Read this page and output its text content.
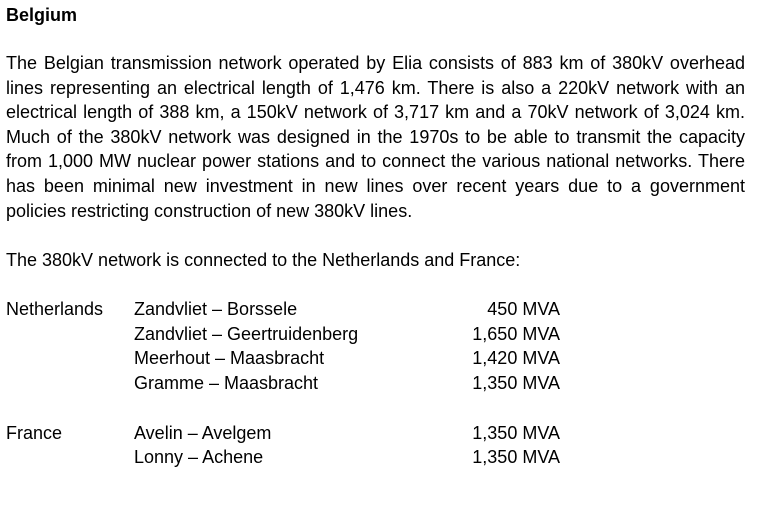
Belgium

The Belgian transmission network operated by Elia consists of 883 km of 380kV overhead lines representing an electrical length of 1,476 km. There is also a 220kV network with an electrical length of 388 km, a 150kV network of 3,717 km and a 70kV network of 3,024 km. Much of the 380kV network was designed in the 1970s to be able to transmit the capacity from 1,000 MW nuclear power stations and to connect the various national networks. There has been minimal new investment in new lines over recent years due to a government policies restricting construction of new 380kV lines.

The 380kV network is connected to the Netherlands and France:

Netherlands	Zandvliet – Borssele	450 MVA
	Zandvliet – Geertruidenberg	1,650 MVA
	Meerhout – Maasbracht	1,420 MVA
	Gramme – Maasbracht	1,350 MVA

France	Avelin – Avelgem	1,350 MVA
	Lonny – Achene	1,350 MVA
